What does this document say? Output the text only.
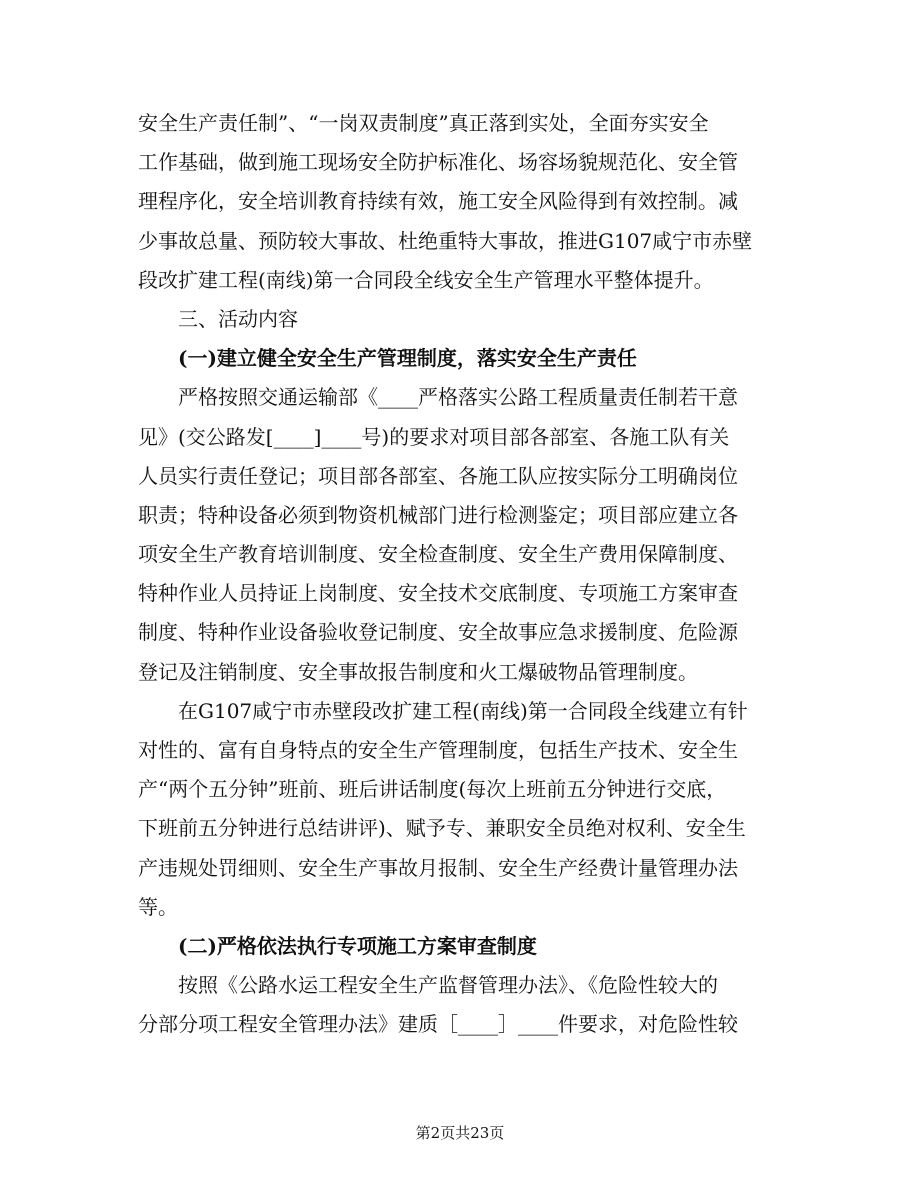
安全生产责任制”、“一岗双责制度”真正落到实处，全面夯实安全
工作基础，做到施工现场安全防护标准化、场容场貌规范化、安全管
理程序化，安全培训教育持续有效，施工安全风险得到有效控制。减
少事故总量、预防较大事故、杜绝重特大事故，推进G107咸宁市赤壁
段改扩建工程(南线)第一合同段全线安全生产管理水平整体提升。
三、活动内容
(一)建立健全安全生产管理制度，落实安全生产责任
严格按照交通运输部《____严格落实公路工程质量责任制若干意
见》(交公路发[____]____号)的要求对项目部各部室、各施工队有关
人员实行责任登记；项目部各部室、各施工队应按实际分工明确岗位
职责；特种设备必须到物资机械部门进行检测鉴定；项目部应建立各
项安全生产教育培训制度、安全检查制度、安全生产费用保障制度、
特种作业人员持证上岗制度、安全技术交底制度、专项施工方案审查
制度、特种作业设备验收登记制度、安全故事应急求援制度、危险源
登记及注销制度、安全事故报告制度和火工爆破物品管理制度。
在G107咸宁市赤壁段改扩建工程(南线)第一合同段全线建立有针
对性的、富有自身特点的安全生产管理制度，包括生产技术、安全生
产“两个五分钟”班前、班后讲话制度(每次上班前五分钟进行交底，
下班前五分钟进行总结讲评)、赋予专、兼职安全员绝对权利、安全生
产违规处罚细则、安全生产事故月报制、安全生产经费计量管理办法
等。
(二)严格依法执行专项施工方案审查制度
按照《公路水运工程安全生产监督管理办法》、《危险性较大的
分部分项工程安全管理办法》建质［____］____件要求，对危险性较
第2页共23页
